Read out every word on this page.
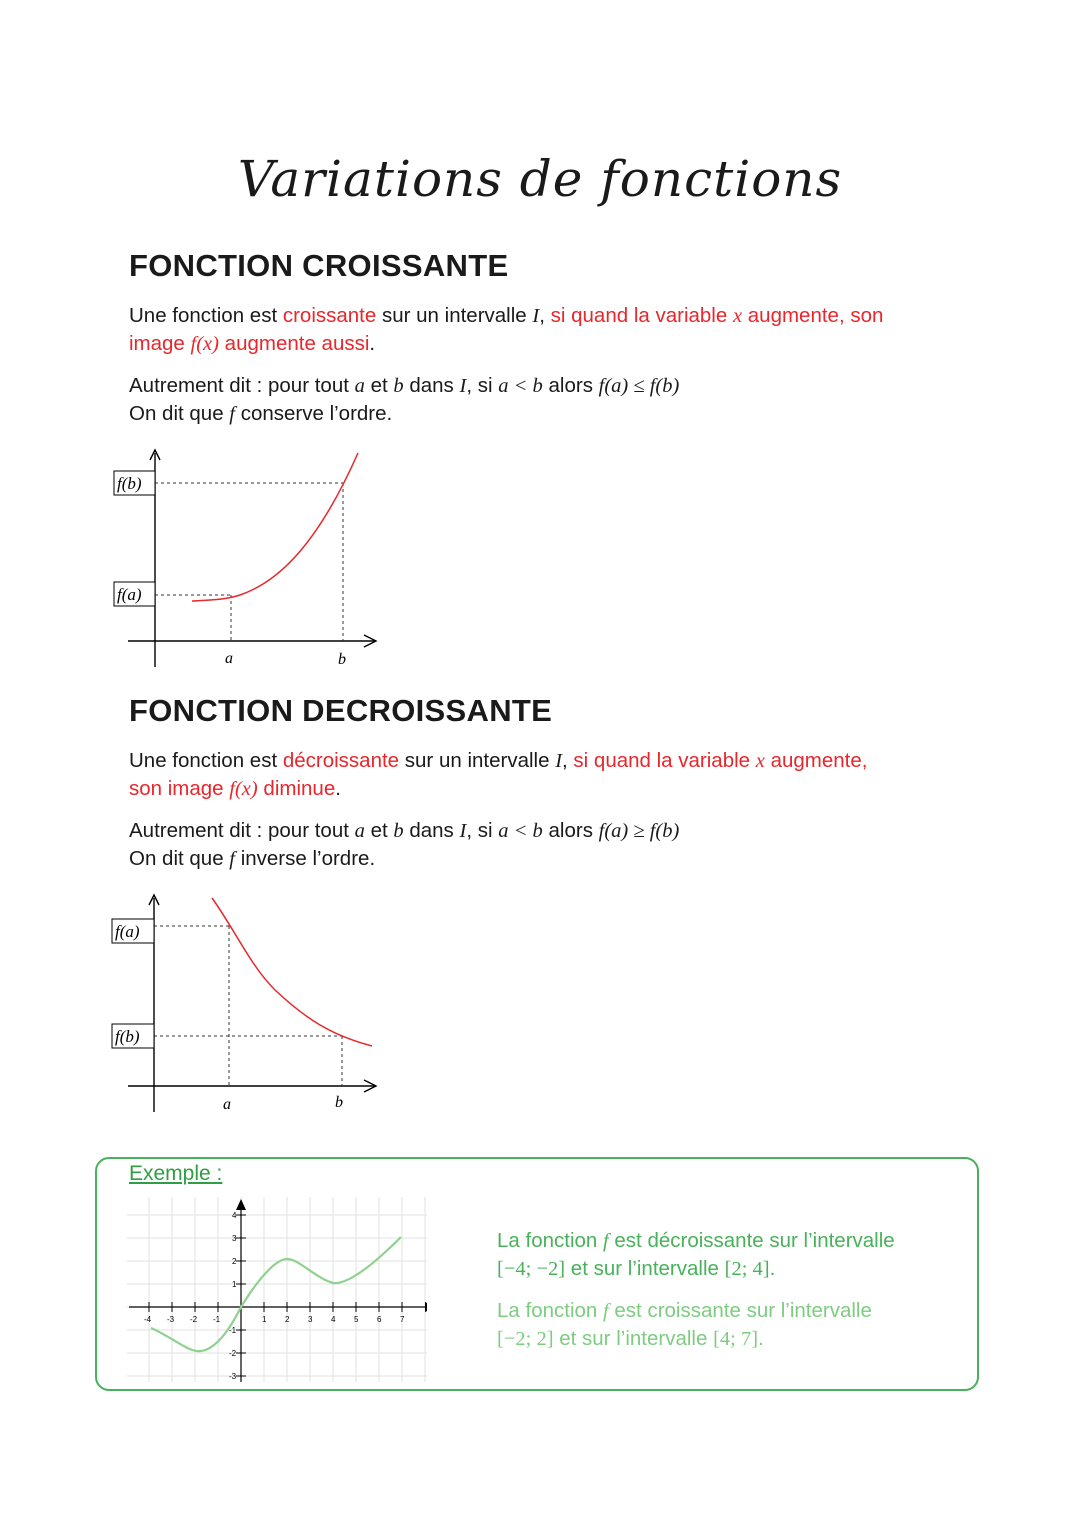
Variations de fonctions
FONCTION CROISSANTE
Une fonction est croissante sur un intervalle I, si quand la variable x augmente, son
image f(x) augmente aussi.
Autrement dit : pour tout a et b dans I, si a < b alors f(a) ≤ f(b)
On dit que f conserve l’ordre.
f(b)
f(a)
a	b
FONCTION DECROISSANTE
Une fonction est décroissante sur un intervalle I, si quand la variable x augmente,
son image f(x) diminue.
Autrement dit : pour tout a et b dans I, si a < b alors f(a) ≥ f(b)
On dit que f inverse l’ordre.
f(a)
f(b)
a	b
Exemple :
-4 -3 -2 -1	1 2 3 4 5 6 7
4
3
2
1
-1
-2
-3
La fonction f est décroissante sur l’intervalle
[−4; −2] et sur l’intervalle [2; 4].
La fonction f est croissante sur l’intervalle
[−2; 2] et sur l’intervalle [4; 7].
